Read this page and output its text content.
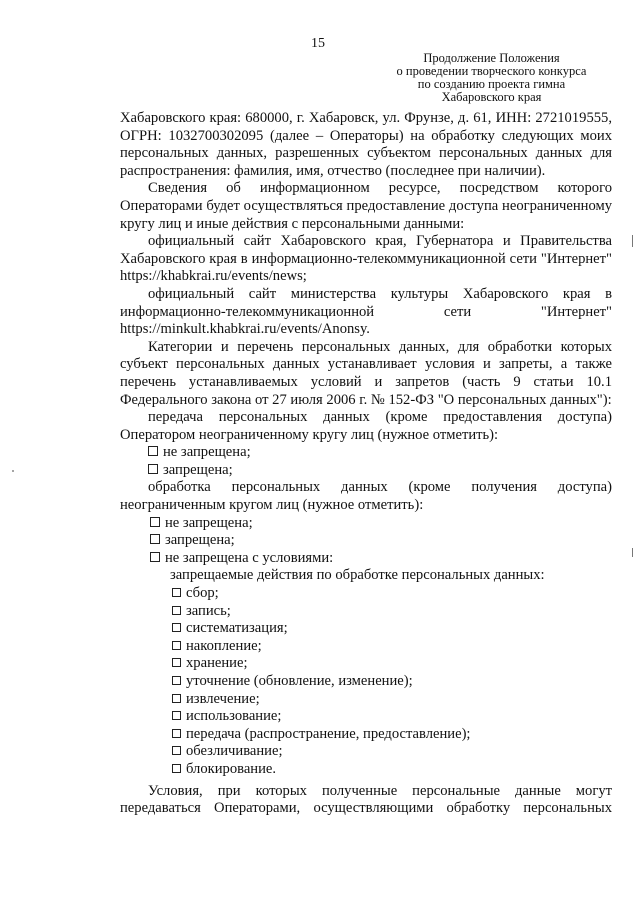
15
Продолжение Положения
о проведении творческого конкурса
по созданию проекта гимна
Хабаровского края

Хабаровского края: 680000, г. Хабаровск, ул. Фрунзе, д. 61, ИНН: 2721019555, ОГРН: 1032700302095 (далее – Операторы) на обработку следующих моих персональных данных, разрешенных субъектом персональных данных для распространения: фамилия, имя, отчество (последнее при наличии).

Сведения об информационном ресурсе, посредством которого Операторами будет осуществляться предоставление доступа неограниченному кругу лиц и иные действия с персональными данными:

официальный сайт Хабаровского края, Губернатора и Правительства Хабаровского края в информационно-телекоммуникационной сети "Интернет" https://khabkrai.ru/events/news;

официальный сайт министерства культуры Хабаровского края в информационно-телекоммуникационной сети "Интернет" https://minkult.khabkrai.ru/events/Anonsy.

Категории и перечень персональных данных, для обработки которых субъект персональных данных устанавливает условия и запреты, а также перечень устанавливаемых условий и запретов (часть 9 статьи 10.1 Федерального закона от 27 июля 2006 г. № 152-ФЗ "О персональных данных"):

передача персональных данных (кроме предоставления доступа) Оператором неограниченному кругу лиц (нужное отметить):

не запрещена;
запрещена;

обработка персональных данных (кроме получения доступа) неограниченным кругом лиц (нужное отметить):

не запрещена;
запрещена;
не запрещена с условиями:
запрещаемые действия по обработке персональных данных:
сбор;
запись;
систематизация;
накопление;
хранение;
уточнение (обновление, изменение);
извлечение;
использование;
передача (распространение, предоставление);
обезличивание;
блокирование.

Условия, при которых полученные персональные данные могут передаваться Операторами, осуществляющими обработку персональных
